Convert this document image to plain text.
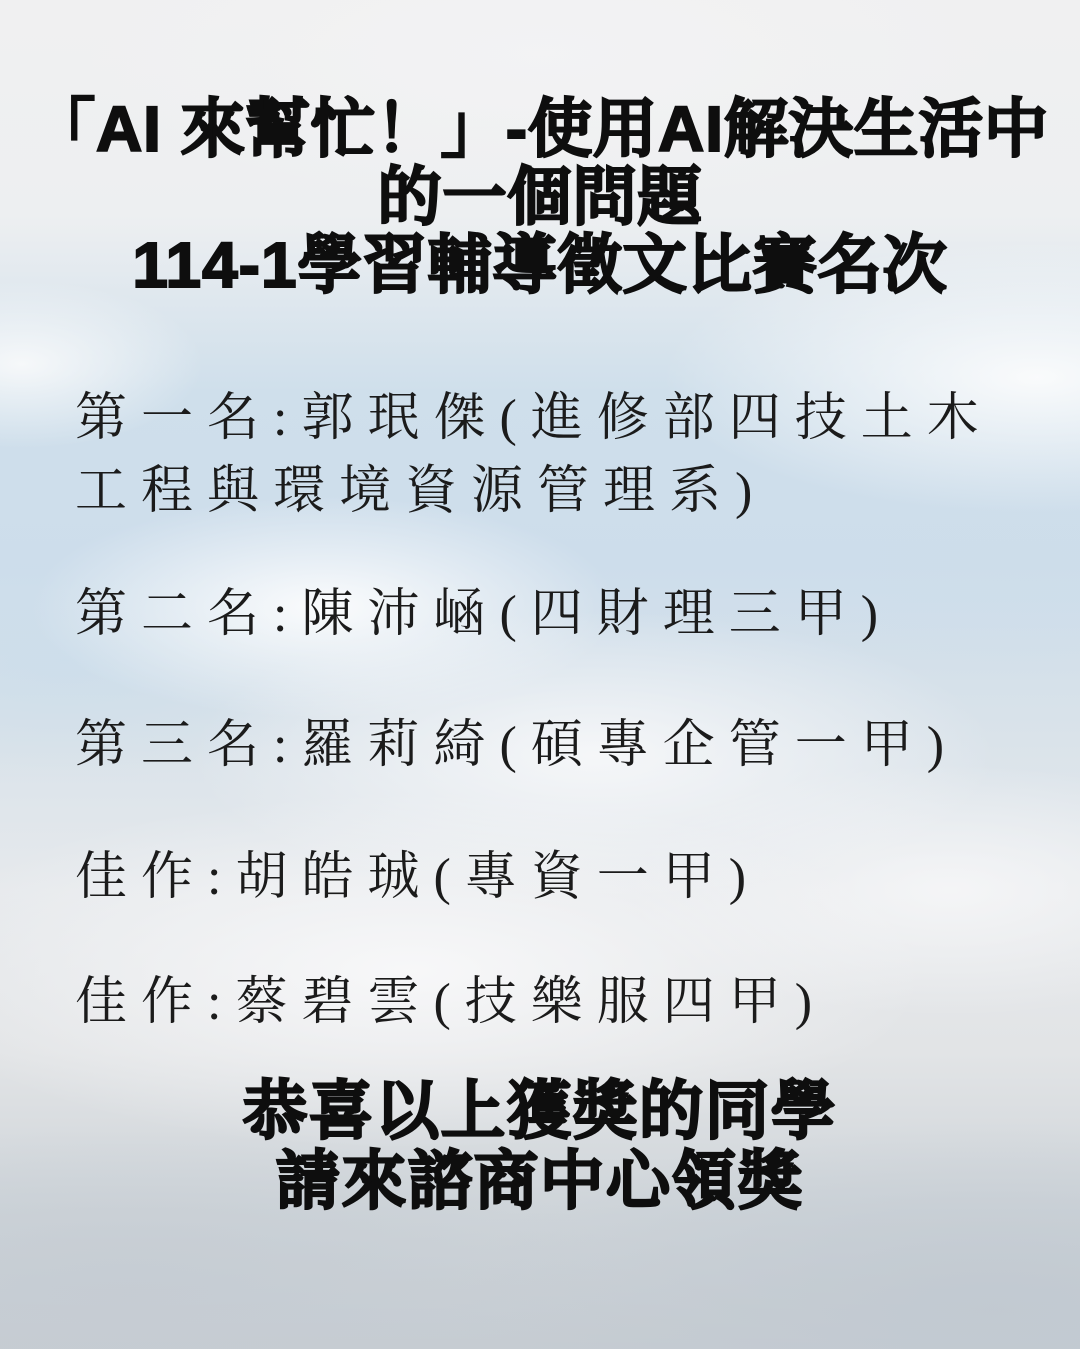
「AI 來幫忙！」-使用AI解決生活中
的一個問題
114-1學習輔導徵文比賽名次
第一名:郭珉傑(進修部四技土木
工程與環境資源管理系)
第二名:陳沛崡(四財理三甲)
第三名:羅莉綺(碩專企管一甲)
佳作:胡皓珹(專資一甲)
佳作:蔡碧雲(技樂服四甲)
恭喜以上獲獎的同學
請來諮商中心領獎
